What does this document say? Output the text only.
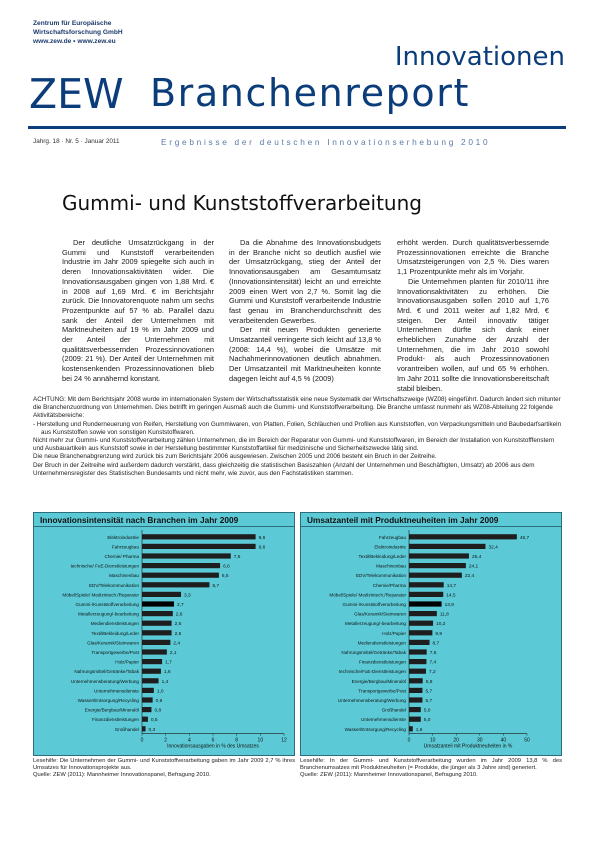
Zentrum für Europäische
Wirtschaftsforschung GmbH
www.zew.de • www.zew.eu
Innovationen
ZEW Branchenreport
Jahrg. 18 · Nr. 5 · Januar 2011	Ergebnisse der deutschen Innovationserhebung 2010
Gummi- und Kunststoffverarbeitung

Der deutliche Umsatzrückgang in der Gummi und Kunststoff verarbeitenden Industrie im Jahr 2009 spiegelte sich auch in deren Innovationsaktivitäten wider. Die Innovationsausgaben gingen von 1,88 Mrd. € in 2008 auf 1,69 Mrd. € im Berichtsjahr zurück. Die Innovatorenquote nahm um sechs Prozentpunkte auf 57 % ab. Parallel dazu sank der Anteil der Unternehmen mit Marktneuheiten auf 19 % im Jahr 2009 und der Anteil der Unternehmen mit qualitätsverbessernden Prozessinnovationen (2009: 21 %). Der Anteil der Unternehmen mit kostensenkenden Prozessinnovationen blieb bei 24 % annähernd konstant.

Da die Abnahme des Innovationsbudgets in der Branche nicht so deutlich ausfiel wie der Umsatzrückgang, stieg der Anteil der Innovationsausgaben am Gesamtumsatz (Innovationsintensität) leicht an und erreichte 2009 einen Wert von 2,7 %. Somit lag die Gummi und Kunststoff verarbeitende Industrie fast genau im Branchendurchschnitt des verarbeitenden Gewerbes.

Der mit neuen Produkten generierte Umsatzanteil verringerte sich leicht auf 13,8 % (2008: 14,4 %), wobei die Umsätze mit Nachahmerinnovationen deutlich abnahmen. Der Umsatzanteil mit Marktneuheiten konnte dagegen leicht auf 4,5 % (2009)

erhöht werden. Durch qualitätsverbessernde Prozessinnovationen erreichte die Branche Umsatzsteigerungen von 2,5 %. Dies waren 1,1 Prozentpunkte mehr als im Vorjahr.

Die Unternehmen planten für 2010/11 ihre Innovationsaktivitäten zu erhöhen. Die Innovationsausgaben sollen 2010 auf 1,76 Mrd. € und 2011 weiter auf 1,82 Mrd. € steigen. Der Anteil innovativ tätiger Unternehmen dürfte sich dank einer erheblichen Zunahme der Anzahl der Unternehmen, die im Jahr 2010 sowohl Produkt- als auch Prozessinnovationen vorantreiben wollen, auf und 65 % erhöhen. Im Jahr 2011 sollte die Innovationsbereitschaft stabil bleiben.

ACHTUNG: Mit dem Berichtsjahr 2008 wurde im internationalen System der Wirtschaftsstatistik eine neue Systematik der Wirtschaftszweige (WZ08) eingeführt. Dadurch ändert sich mitunter die Branchenzuordnung von Unternehmen. Dies betrifft im geringen Ausmaß auch die Gummi- und Kunststoffverarbeitung. Die Branche umfasst nunmehr als WZ08-Abteilung 22 folgende Aktivitätsbereiche:
- Herstellung und Runderneuerung von Reifen, Herstellung von Gummiwaren, von Platten, Folien, Schläuchen und Profilen aus Kunststoffen, von Verpackungsmitteln und Baubedarfsartikeln aus Kunststoffen sowie von sonstigen Kunststoffwaren.
Nicht mehr zur Gummi- und Kunststoffverarbeitung zählen Unternehmen, die im Bereich der Reparatur von Gummi- und Kunststoffwaren, im Bereich der Installation von Kunststofffenstern und Ausbauartikeln aus Kunststoff sowie in der Herstellung bestimmter Kunststoffartikel für medizinische und Sicherheitszwecke tätig sind.
Die neue Branchenabgrenzung wird zurück bis zum Berichtsjahr 2006 ausgewiesen. Zwischen 2005 und 2006 besteht ein Bruch in der Zeitreihe.
Der Bruch in der Zeitreihe wird außerdem dadurch verstärkt, dass gleichzeitig die statistischen Basiszahlen (Anzahl der Unternehmen und Beschäftigten, Umsatz) ab 2006 aus dem Unternehmensregister des Statistischen Bundesamts und nicht mehr, wie zuvor, aus den Fachstatistiken stammen.
Innovationsintensität nach Branchen im Jahr 2009
Elektroindustrie	9,6
Fahrzeugbau	9,6
Chemie/ Pharma	7,5
technische/ FuE-Dienstleistungen	6,6
Maschinenbau	6,5
EDV/Telekommunikation	5,7
Möbel/Spiele/ Medizintech./Reparatur	3,3
Gummi-/Kunststoffverarbeitung	2,7
Metallerzeugung/-bearbeitung	2,6
Mediendienstleistungen	2,5
Textil/Bekleidung/Leder	2,5
Glas/Keramik/Steinwaren	2,4
Transportgewerbe/Post	2,1
Holz/Papier	1,7
Nahrungsmittel/Getränke/Tabak	1,6
Unternehmensberatung/Werbung	1,4
Unternehmensdienste	1,0
Wasser/Entsorgung/Recycling	0,9
Energie/Bergbau/Mineralöl	0,8
Finanzdienstleistungen 0,5
Großhandel 0,3
0	2	4	6	8	10	12
Innovationsausgaben in % des Umsatzes
Umsatzanteil mit Produktneuheiten im Jahr 2009
Fahrzeugbau	45,7
Elektroindustrie	32,4
Textil/Bekleidung/Leder	25,4
Maschinenbau	24,1
EDV/Telekommunikation	22,4
Chemie/Pharma	14,7
Möbel/Spiele/ Medizintech./Reparatur	14,5
Gummi-/Kunststoffverarbeitung	13,8
Glas/Keramik/Steinwaren	11,8
Metallerzeugung/-bearbeitung	10,2
Holz/Papier	9,9
Mediendienstleistungen	8,7
Nahrungsmittel/Getränke/Tabak	7,5
Finanzdienstleistungen	7,4
technische/FuE-Dienstleistungen	7,2
Energie/Bergbau/Mineralöl	5,8
Transportgewerbe/Post	5,7
Unternehmensberatung/Werbung	5,7
Großhandel	5,0
Unternehmensdienste	5,0
Wasser/Entsorgung/Recycling 1,6
0	10	20	30	40	50
Umsatzanteil mit Produktneuheiten in %
Lesehilfe: Die Unternehmen der Gummi- und Kunststoffverarbeitung gaben im Jahr 2009 2,7 % ihres Umsatzes für Innovationsprojekte aus.
Quelle: ZEW (2011): Mannheimer Innovationspanel, Befragung 2010.
Lesehilfe: In der Gummi- und Kunststoffverarbeitung wurden im Jahr 2009 13,8 % des Branchenumsatzes mit Produktneuheiten (= Produkte, die jünger als 3 Jahre sind) generiert.
Quelle: ZEW (2011): Mannheimer Innovationspanel, Befragung 2010.
